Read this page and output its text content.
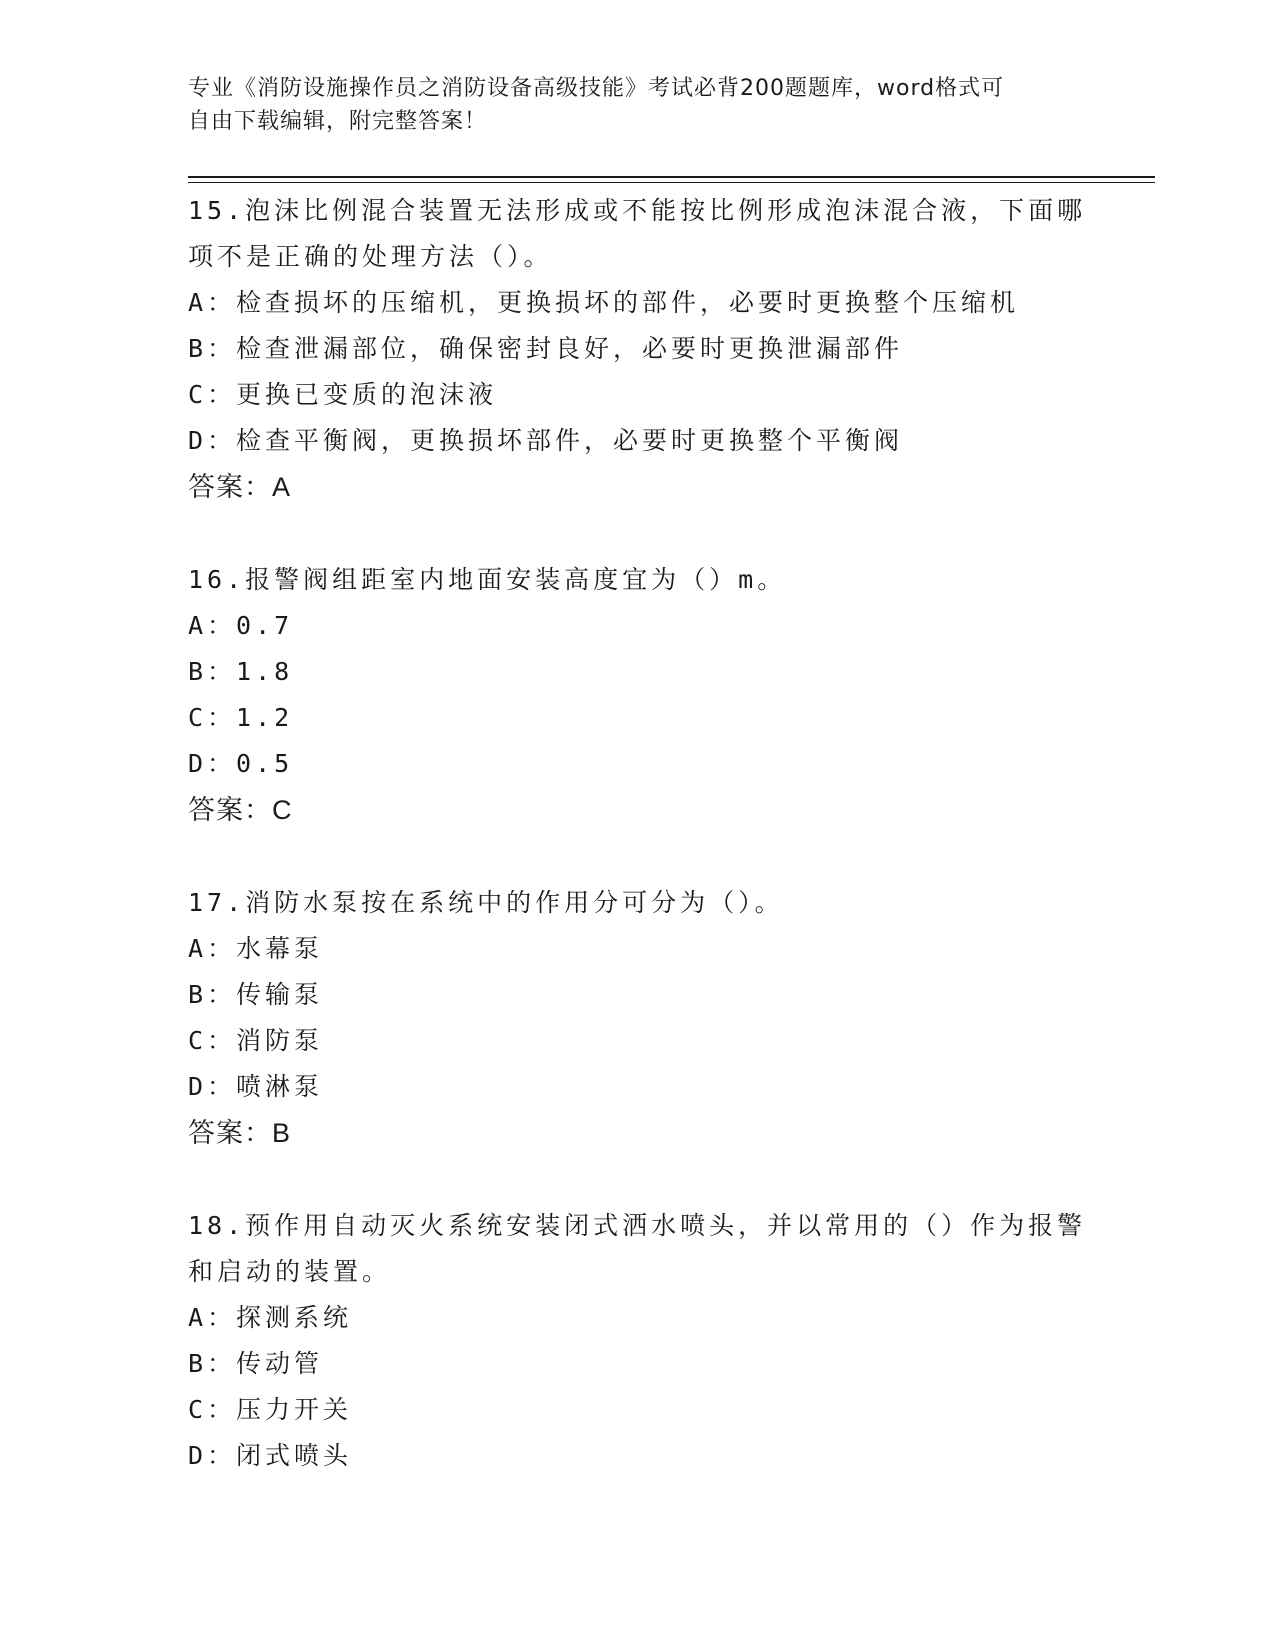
专业《消防设施操作员之消防设备高级技能》考试必背200题题库，word格式可
自由下载编辑，附完整答案！
15.泡沫比例混合装置无法形成或不能按比例形成泡沫混合液，下面哪项不是正确的处理方法（）。
A：检查损坏的压缩机，更换损坏的部件，必要时更换整个压缩机
B：检查泄漏部位，确保密封良好，必要时更换泄漏部件
C：更换已变质的泡沫液
D：检查平衡阀，更换损坏部件，必要时更换整个平衡阀
答案：A
16.报警阀组距室内地面安装高度宜为（）m。
A：0.7
B：1.8
C：1.2
D：0.5
答案：C
17.消防水泵按在系统中的作用分可分为（）。
A：水幕泵
B：传输泵
C：消防泵
D：喷淋泵
答案：B
18.预作用自动灭火系统安装闭式洒水喷头，并以常用的（）作为报警和启动的装置。
A：探测系统
B：传动管
C：压力开关
D：闭式喷头
